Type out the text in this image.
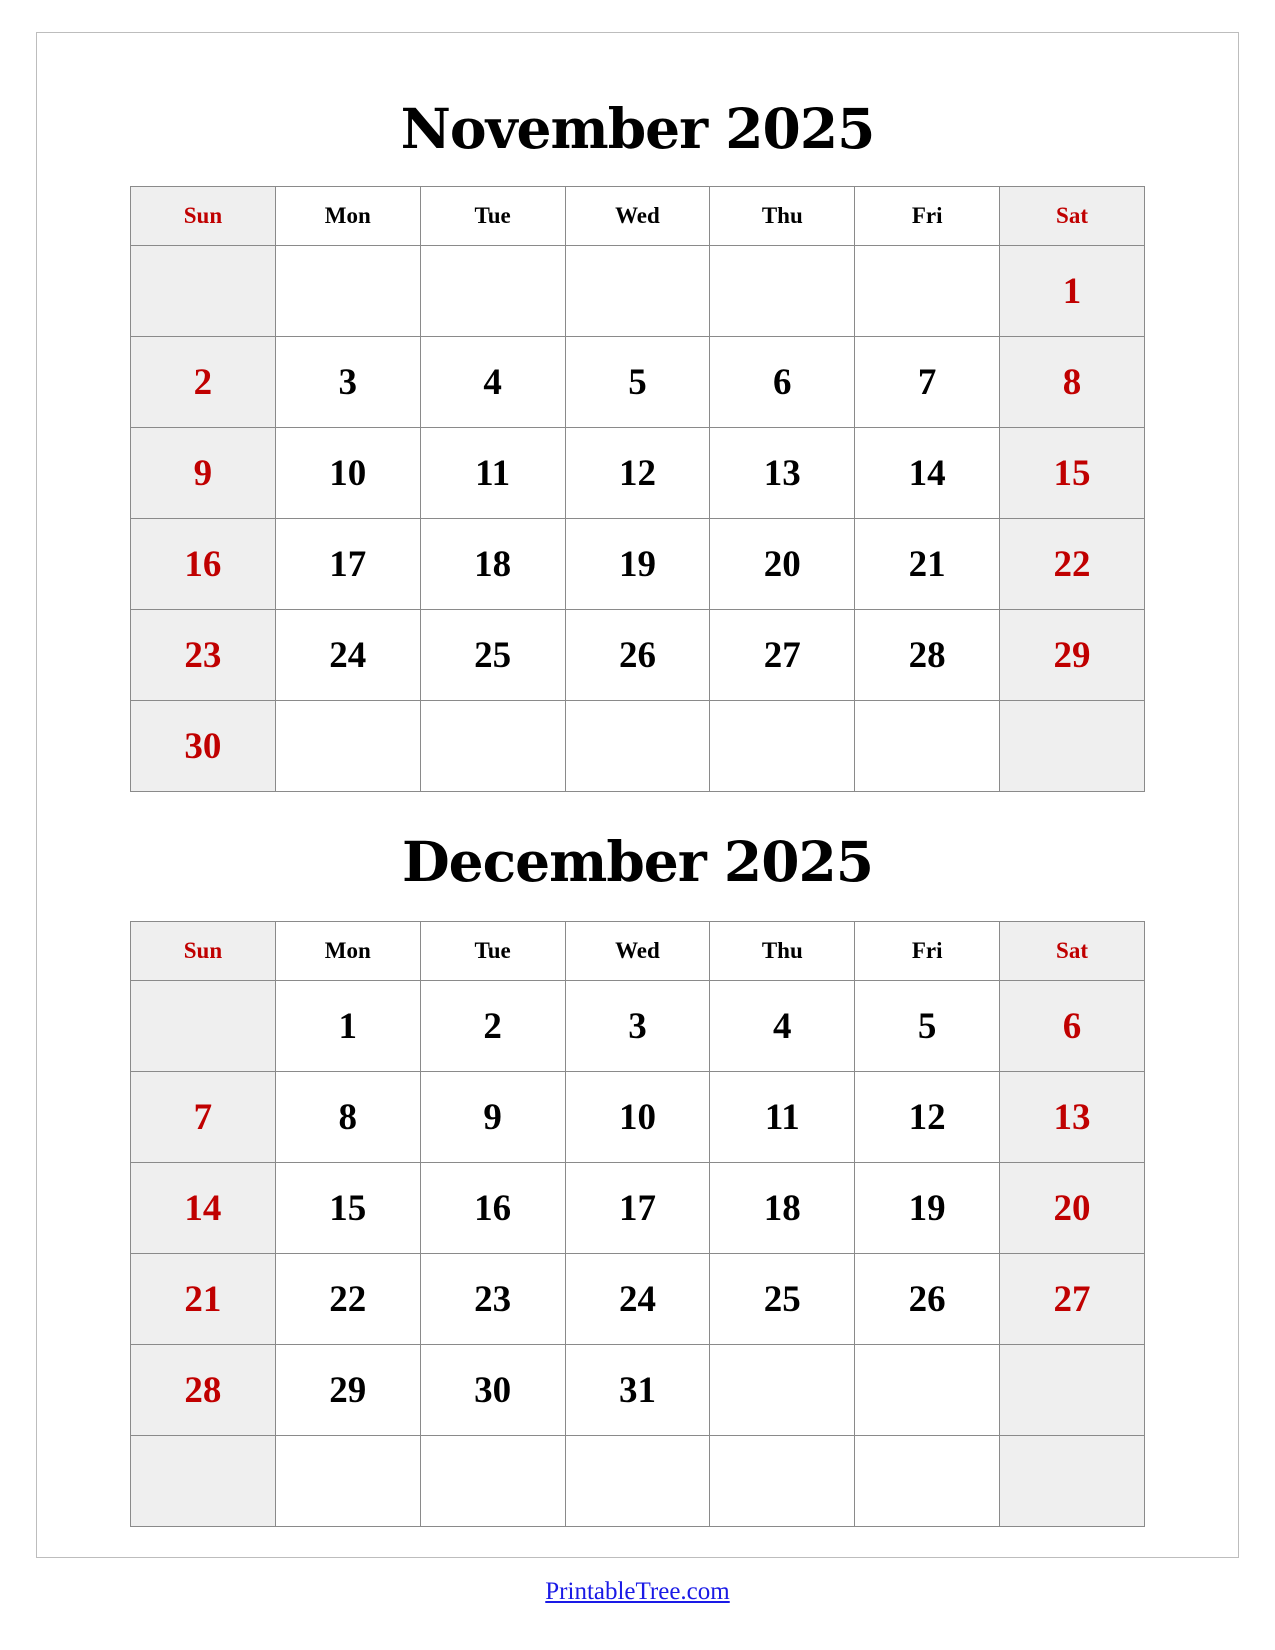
November 2025
Sun	Mon	Tue	Wed	Thu	Fri	Sat
						1
2	3	4	5	6	7	8
9	10	11	12	13	14	15
16	17	18	19	20	21	22
23	24	25	26	27	28	29
30						
December 2025
Sun	Mon	Tue	Wed	Thu	Fri	Sat
	1	2	3	4	5	6
7	8	9	10	11	12	13
14	15	16	17	18	19	20
21	22	23	24	25	26	27
28	29	30	31			

PrintableTree.com
